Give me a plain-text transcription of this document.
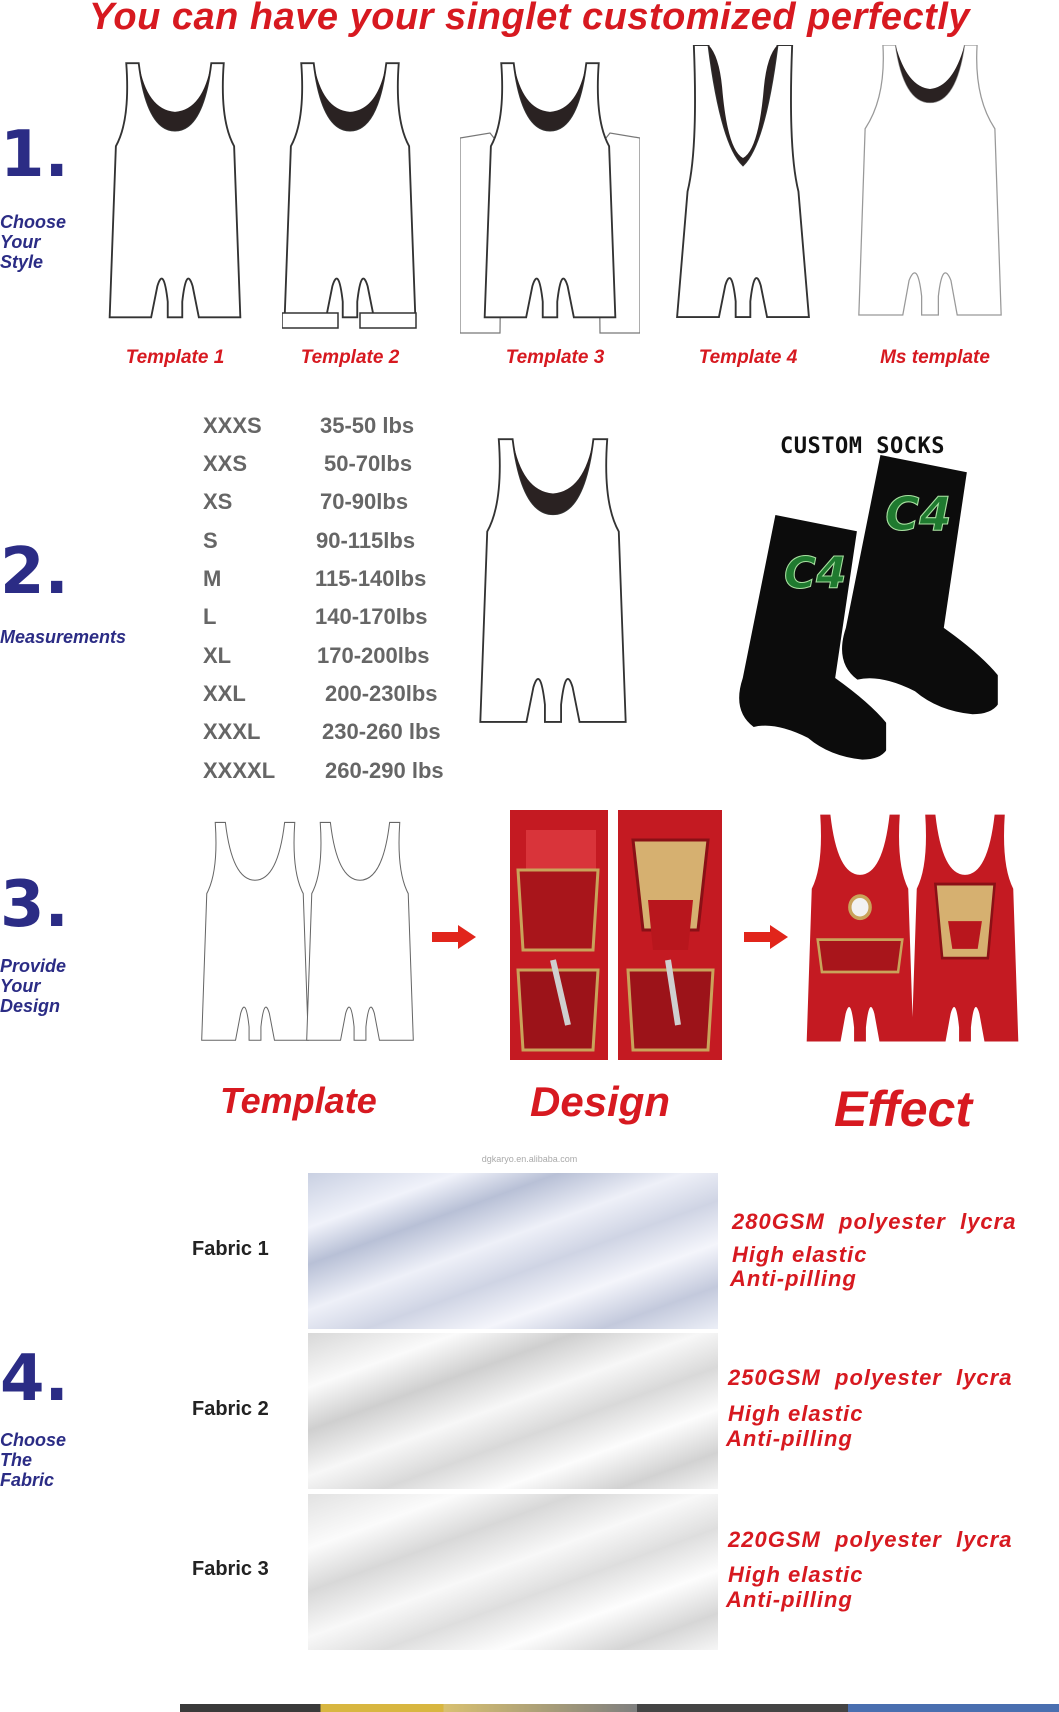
You can have your singlet customized perfectly
1.
Choose
Your
Style
Template 1	Template 2	Template 3	Template 4	Ms template
2.
Measurements
XXXS	35-50 lbs
XXS	50-70lbs
XS	70-90lbs
S	90-115lbs
M	115-140lbs
L	140-170lbs
XL	170-200lbs
XXL	200-230lbs
XXXL	230-260 lbs
XXXXL 260-290 lbs
CUSTOM SOCKS
C4
C4
3.
Provide
Your
Design
Template	Design	Effect
dgkaryo.en.alibaba.com
4.
Choose
The
Fabric
Fabric 1
280GSM  polyester  lycra
High elastic
Anti-pilling
Fabric 2
250GSM  polyester  lycra
High elastic
Anti-pilling
Fabric 3
220GSM  polyester  lycra
High elastic
Anti-pilling
